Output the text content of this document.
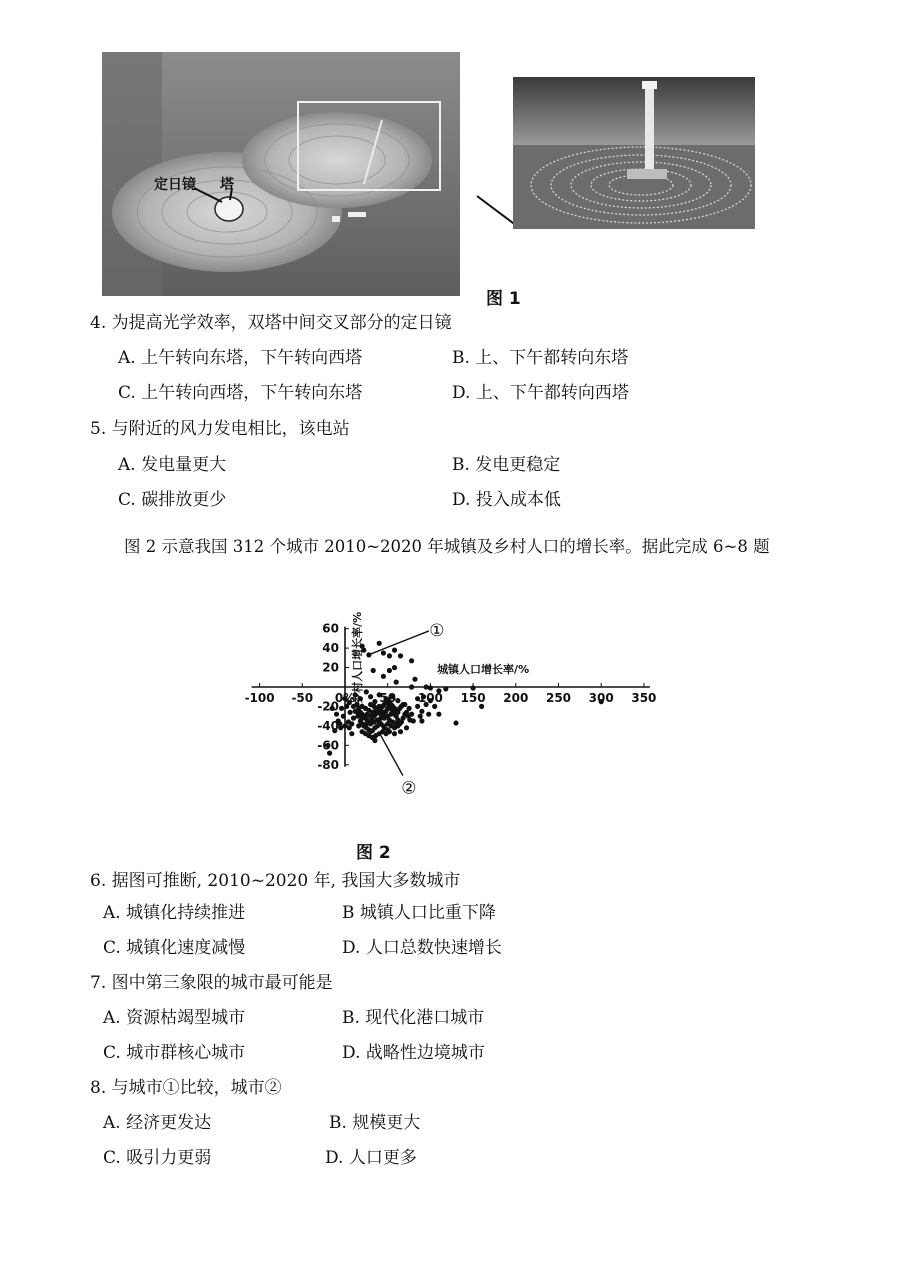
定日镜 塔
图 1
4. 为提高光学效率，双塔中间交叉部分的定日镜
A. 上午转向东塔，下午转向西塔	B. 上、下午都转向东塔
C. 上午转向西塔，下午转向东塔	D. 上、下午都转向西塔
5. 与附近的风力发电相比，该电站
A. 发电量更大	B. 发电更稳定
C. 碳排放更少	D. 投入成本低
图 2 示意我国 312 个城市 2010~2020 年城镇及乡村人口的增长率。据此完成 6~8 题
-100 -50 0% 50 100 150 200 250 300 350
60
40
20
-20
-40
-60
-80
城镇人口增长率/%
乡村人口增长率/%	①
②
图 2
6. 据图可推断, 2010~2020 年, 我国大多数城市
A. 城镇化持续推进	B 城镇人口比重下降
C. 城镇化速度减慢	D. 人口总数快速增长
7. 图中第三象限的城市最可能是
A. 资源枯竭型城市	B. 现代化港口城市
C. 城市群核心城市	D. 战略性边境城市
8. 与城市①比较，城市②
A. 经济更发达	B. 规模更大
C. 吸引力更弱	D. 人口更多
